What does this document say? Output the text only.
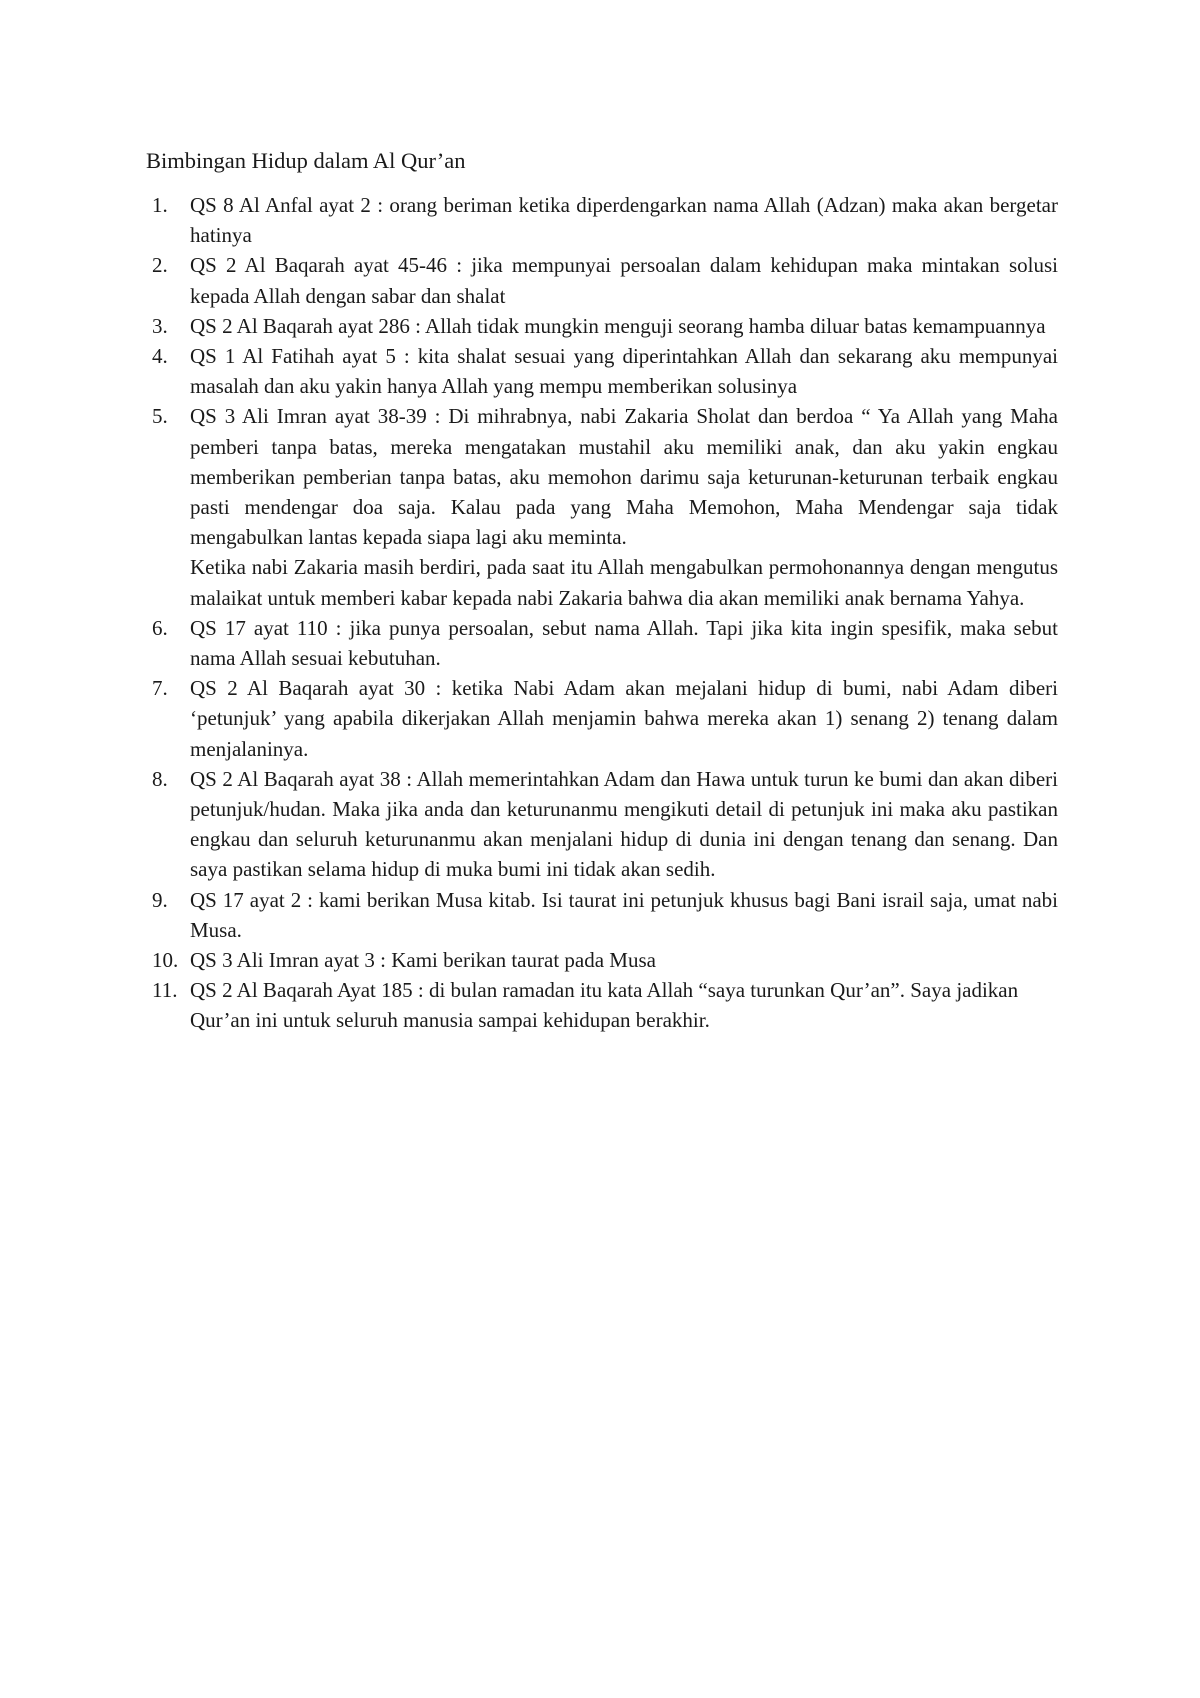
Bimbingan Hidup dalam Al Qur’an
1. QS 8 Al Anfal ayat 2 : orang beriman ketika diperdengarkan nama Allah (Adzan) maka akan bergetar hatinya

2. QS 2 Al Baqarah ayat 45-46 : jika mempunyai persoalan dalam kehidupan maka mintakan solusi kepada Allah dengan sabar dan shalat

3. QS 2 Al Baqarah ayat 286 : Allah tidak mungkin menguji seorang hamba diluar batas kemampuannya

4. QS 1 Al Fatihah ayat 5 : kita shalat sesuai yang diperintahkan Allah dan sekarang aku mempunyai masalah dan aku yakin hanya Allah yang mempu memberikan solusinya

5. QS 3 Ali Imran ayat 38-39 : Di mihrabnya, nabi Zakaria Sholat dan berdoa “ Ya Allah yang Maha pemberi tanpa batas, mereka mengatakan mustahil aku memiliki anak, dan aku yakin engkau memberikan pemberian tanpa batas, aku memohon darimu saja keturunan-keturunan terbaik engkau pasti mendengar doa saja. Kalau pada yang Maha Memohon, Maha Mendengar saja tidak mengabulkan lantas kepada siapa lagi aku meminta.

Ketika nabi Zakaria masih berdiri, pada saat itu Allah mengabulkan permohonannya dengan mengutus malaikat untuk memberi kabar kepada nabi Zakaria bahwa dia akan memiliki anak bernama Yahya.

6. QS 17 ayat 110 : jika punya persoalan, sebut nama Allah. Tapi jika kita ingin spesifik, maka sebut nama Allah sesuai kebutuhan.

7. QS 2 Al Baqarah ayat 30 : ketika Nabi Adam akan mejalani hidup di bumi, nabi Adam diberi ‘petunjuk’ yang apabila dikerjakan Allah menjamin bahwa mereka akan 1) senang 2) tenang dalam menjalaninya.

8. QS 2 Al Baqarah ayat 38 : Allah memerintahkan Adam dan Hawa untuk turun ke bumi dan akan diberi petunjuk/hudan. Maka jika anda dan keturunanmu mengikuti detail di petunjuk ini maka aku pastikan engkau dan seluruh keturunanmu akan menjalani hidup di dunia ini dengan tenang dan senang. Dan saya pastikan selama hidup di muka bumi ini tidak akan sedih.

9. QS 17 ayat 2 : kami berikan Musa kitab. Isi taurat ini petunjuk khusus bagi Bani israil saja, umat nabi Musa.

10. QS 3 Ali Imran ayat 3 : Kami berikan taurat pada Musa

11. QS 2 Al Baqarah Ayat 185 : di bulan ramadan itu kata Allah “saya turunkan Qur’an”. Saya jadikan Qur’an ini untuk seluruh manusia sampai kehidupan berakhir.
